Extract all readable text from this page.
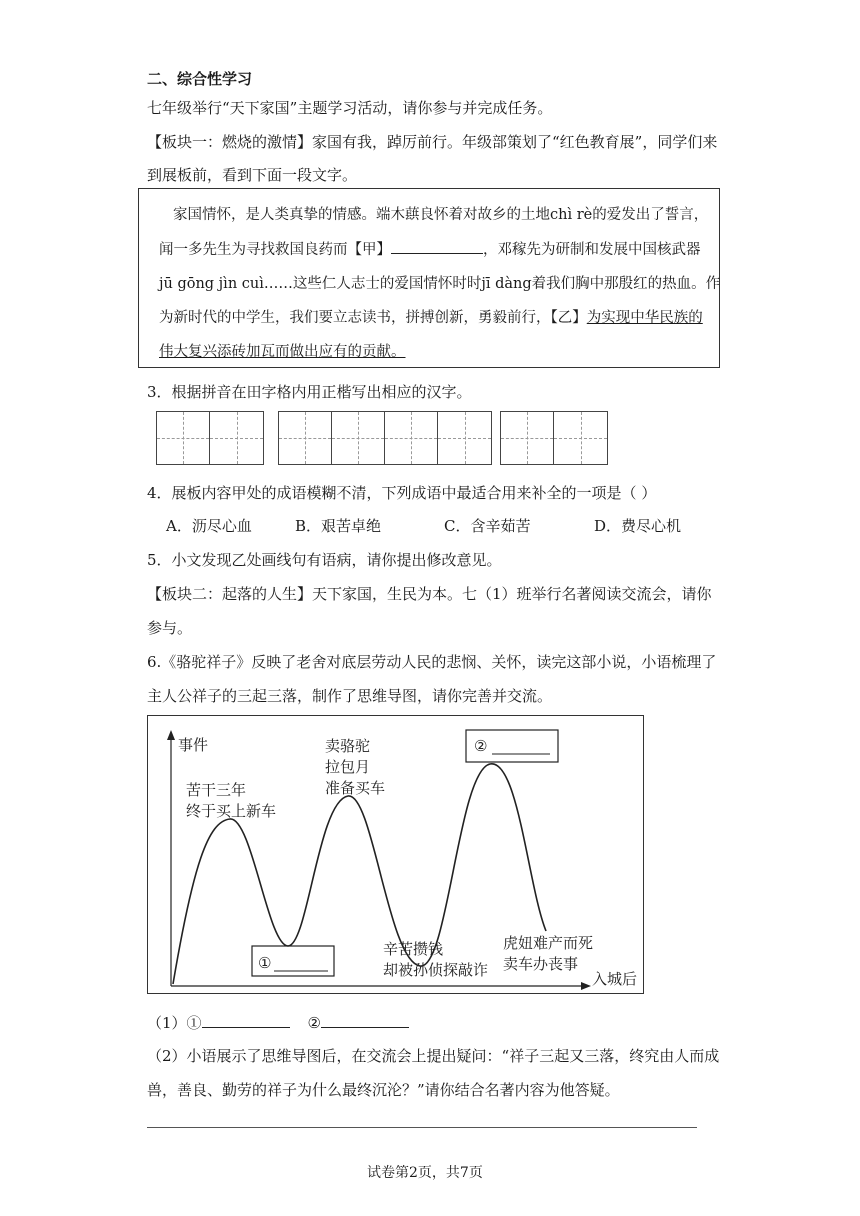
二、综合性学习
七年级举行“天下家国”主题学习活动，请你参与并完成任务。
【板块一：燃烧的激情】家国有我，踔厉前行。年级部策划了“红色教育展”，同学们来
到展板前，看到下面一段文字。
家国情怀，是人类真挚的情感。端木蕻良怀着对故乡的土地chì rè的爱发出了誓言，
闻一多先生为寻找救国良药而【甲】	，邓稼先为研制和发展中国核武器
jū gōng jìn cuì……这些仁人志士的爱国情怀时时jī dàng着我们胸中那殷红的热血。作
为新时代的中学生，我们要立志读书，拼搏创新，勇毅前行，【乙】为实现中华民族的
伟大复兴添砖加瓦而做出应有的贡献。
3．根据拼音在田字格内用正楷写出相应的汉字。
4．展板内容甲处的成语模糊不清，下列成语中最适合用来补全的一项是（ ）
A．沥尽心血	B．艰苦卓绝	C．含辛茹苦	D．费尽心机
5．小文发现乙处画线句有语病，请你提出修改意见。
【板块二：起落的人生】天下家国，生民为本。七（1）班举行名著阅读交流会，请你
参与。
6.《骆驼祥子》反映了老舍对底层劳动人民的悲悯、关怀，读完这部小说，小语梳理了
主人公祥子的三起三落，制作了思维导图，请你完善并交流。
事件
入城后
苦干三年
终于买上新车
卖骆驼
拉包月
准备买车
②
①
辛苦攒钱
却被孙侦探敲诈
虎妞难产而死
卖车办丧事
（1）①	②
（2）小语展示了思维导图后，在交流会上提出疑问：“祥子三起又三落，终究由人而成
兽，善良、勤劳的祥子为什么最终沉沦？”请你结合名著内容为他答疑。
试卷第2页，共7页
